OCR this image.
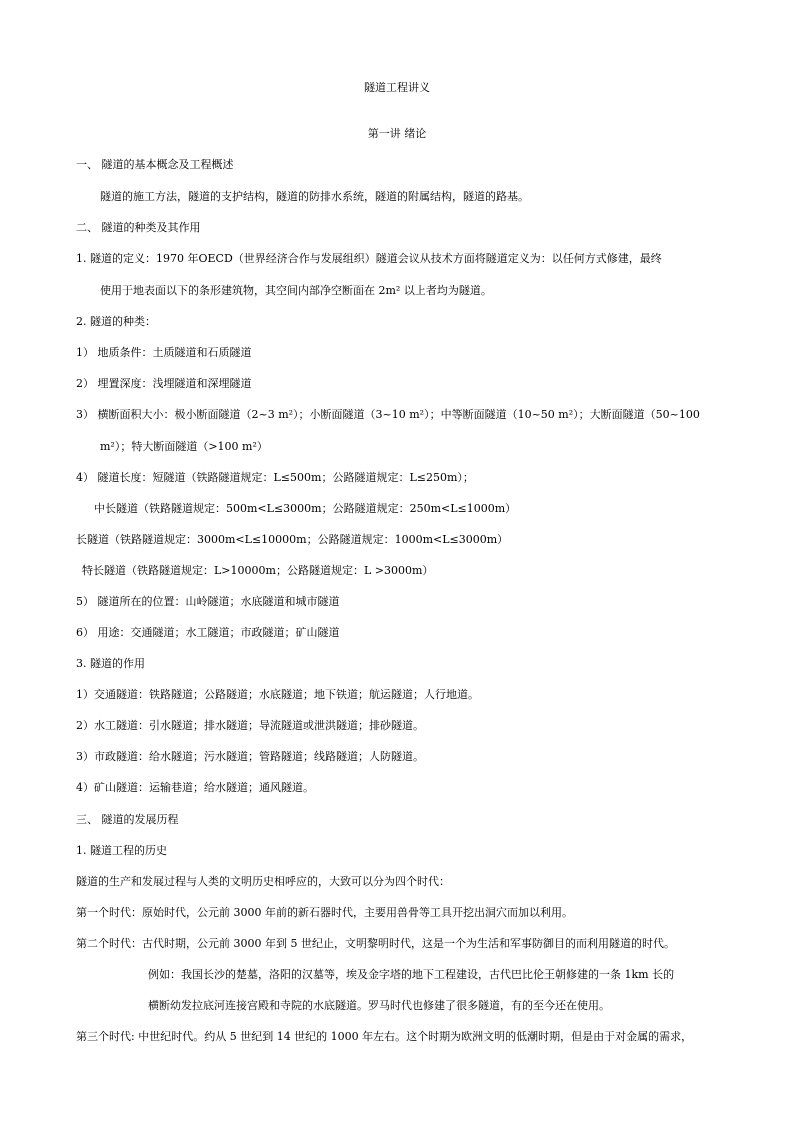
隧道工程讲义
第一讲 绪论
一、 隧道的基本概念及工程概述
隧道的施工方法，隧道的支护结构，隧道的防排水系统，隧道的附属结构，隧道的路基。
二、 隧道的种类及其作用
1. 隧道的定义：1970 年OECD（世界经济合作与发展组织）隧道会议从技术方面将隧道定义为：以任何方式修建，最终
使用于地表面以下的条形建筑物，其空间内部净空断面在 2m² 以上者均为隧道。
2. 隧道的种类：
1） 地质条件：土质隧道和石质隧道
2） 埋置深度：浅埋隧道和深埋隧道
3） 横断面积大小：极小断面隧道（2~3 m²）；小断面隧道（3~10 m²）；中等断面隧道（10~50 m²）；大断面隧道（50~100
m²）；特大断面隧道（>100 m²）
4） 隧道长度：短隧道（铁路隧道规定：L≤500m；公路隧道规定：L≤250m）；
中长隧道（铁路隧道规定：500m<L≤3000m；公路隧道规定：250m<L≤1000m）
长隧道（铁路隧道规定：3000m<L≤10000m；公路隧道规定：1000m<L≤3000m）
特长隧道（铁路隧道规定：L>10000m；公路隧道规定：L >3000m）
5） 隧道所在的位置：山岭隧道；水底隧道和城市隧道
6） 用途：交通隧道；水工隧道；市政隧道；矿山隧道
3. 隧道的作用
1）交通隧道：铁路隧道；公路隧道；水底隧道；地下铁道；航运隧道；人行地道。
2）水工隧道：引水隧道；排水隧道；导流隧道或泄洪隧道；排砂隧道。
3）市政隧道：给水隧道；污水隧道；管路隧道；线路隧道；人防隧道。
4）矿山隧道：运输巷道；给水隧道；通风隧道。
三、 隧道的发展历程
1. 隧道工程的历史
隧道的生产和发展过程与人类的文明历史相呼应的，大致可以分为四个时代：
第一个时代：原始时代，公元前 3000 年前的新石器时代，主要用兽骨等工具开挖出洞穴而加以利用。
第二个时代：古代时期，公元前 3000 年到 5 世纪止，文明黎明时代，这是一个为生活和军事防御目的而利用隧道的时代。
例如：我国长沙的楚墓，洛阳的汉墓等，埃及金字塔的地下工程建设，古代巴比伦王朝修建的一条 1km 长的
横断幼发拉底河连接宫殿和寺院的水底隧道。罗马时代也修建了很多隧道，有的至今还在使用。
第三个时代: 中世纪时代。约从 5 世纪到 14 世纪的 1000 年左右。这个时期为欧洲文明的低潮时期，但是由于对金属的需求，
